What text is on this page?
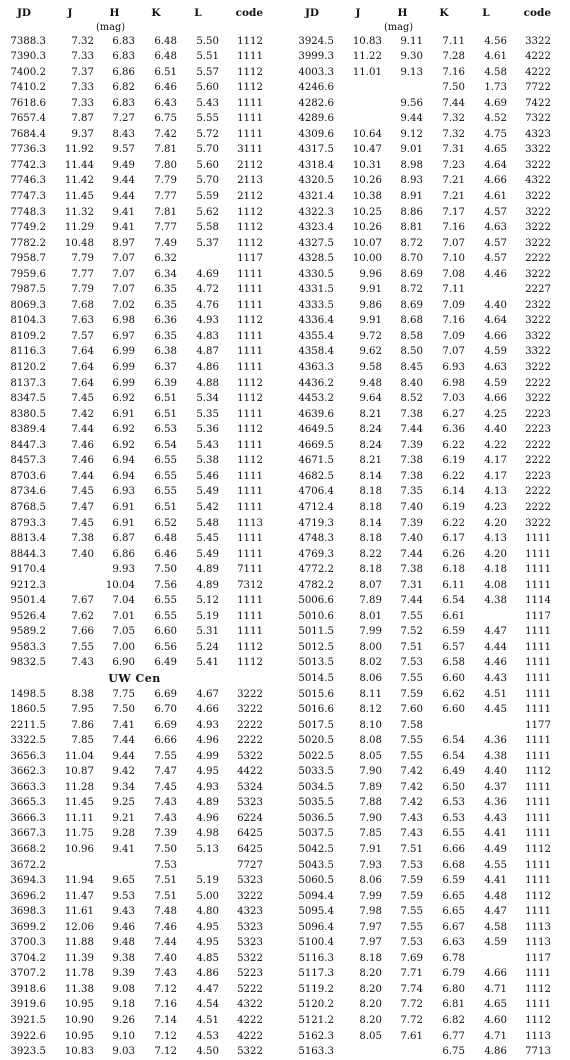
JD	J	H	K	L	code
		(mag)			
7388.3	7.32	6.83	6.48	5.50	1112
7390.3	7.33	6.83	6.48	5.51	1111
7400.2	7.37	6.86	6.51	5.57	1112
7410.2	7.33	6.82	6.46	5.60	1112
7618.6	7.33	6.83	6.43	5.43	1111
7657.4	7.87	7.27	6.75	5.55	1111
7684.4	9.37	8.43	7.42	5.72	1111
7736.3	11.92	9.57	7.81	5.70	3111
7742.3	11.44	9.49	7.80	5.60	2112
7746.3	11.42	9.44	7.79	5.70	2113
7747.3	11.45	9.44	7.77	5.59	2112
7748.3	11.32	9.41	7.81	5.62	1112
7749.2	11.29	9.41	7.77	5.58	1112
7782.2	10.48	8.97	7.49	5.37	1112
7958.7	7.79	7.07	6.32		1117
7959.6	7.77	7.07	6.34	4.69	1111
7987.5	7.79	7.07	6.35	4.72	1111
8069.3	7.68	7.02	6.35	4.76	1111
8104.3	7.63	6.98	6.36	4.93	1112
8109.2	7.57	6.97	6.35	4.83	1111
8116.3	7.64	6.99	6.38	4.87	1111
8120.2	7.64	6.99	6.37	4.86	1111
8137.3	7.64	6.99	6.39	4.88	1112
8347.5	7.45	6.92	6.51	5.34	1112
8380.5	7.42	6.91	6.51	5.35	1111
8389.4	7.44	6.92	6.53	5.36	1112
8447.3	7.46	6.92	6.54	5.43	1111
8457.3	7.46	6.94	6.55	5.38	1112
8703.6	7.44	6.94	6.55	5.46	1111
8734.6	7.45	6.93	6.55	5.49	1111
8768.5	7.47	6.91	6.51	5.42	1111
8793.3	7.45	6.91	6.52	5.48	1113
8813.4	7.38	6.87	6.48	5.45	1111
8844.3	7.40	6.86	6.46	5.49	1111
9170.4		9.93	7.50	4.89	7111
9212.3		10.04	7.56	4.89	7312
9501.4	7.67	7.04	6.55	5.12	1111
9526.4	7.62	7.01	6.55	5.19	1111
9589.2	7.66	7.05	6.60	5.31	1111
9583.3	7.55	7.00	6.56	5.24	1112
9832.5	7.43	6.90	6.49	5.41	1112
UW Cen					
1498.5	8.38	7.75	6.69	4.67	3222
1860.5	7.95	7.50	6.70	4.66	3222
2211.5	7.86	7.41	6.69	4.93	2222
3322.5	7.85	7.44	6.66	4.96	2222
3656.3	11.04	9.44	7.55	4.99	5322
3662.3	10.87	9.42	7.47	4.95	4422
3663.3	11.28	9.34	7.45	4.93	5324
3665.3	11.45	9.25	7.43	4.89	5323
3666.3	11.11	9.21	7.43	4.96	6224
3667.3	11.75	9.28	7.39	4.98	6425
3668.2	10.96	9.41	7.50	5.13	6425
3672.2			7.53		7727
3694.3	11.94	9.65	7.51	5.19	5323
3696.2	11.47	9.53	7.51	5.00	3222
3698.3	11.61	9.43	7.48	4.80	4323
3699.2	12.06	9.46	7.46	4.95	5323
3700.3	11.88	9.48	7.44	4.95	5323
3704.2	11.39	9.38	7.40	4.85	5322
3707.2	11.78	9.39	7.43	4.86	5223
3918.6	11.38	9.08	7.12	4.47	5222
3919.6	10.95	9.18	7.16	4.54	4322
3921.5	10.90	9.26	7.14	4.51	4222
3922.6	10.95	9.10	7.12	4.53	4222
3923.5	10.83	9.03	7.12	4.50	5322
JD	J	H	K	L	code
		(mag)			
3924.5	10.83	9.11	7.11	4.56	3322
3999.3	11.22	9.30	7.28	4.61	4222
4003.3	11.01	9.13	7.16	4.58	4222
4246.6			7.50	1.73	7722
4282.6		9.56	7.44	4.69	7422
4289.6		9.44	7.32	4.52	7322
4309.6	10.64	9.12	7.32	4.75	4323
4317.5	10.47	9.01	7.31	4.65	3322
4318.4	10.31	8.98	7.23	4.64	3222
4320.5	10.26	8.93	7.21	4.66	4322
4321.4	10.38	8.91	7.21	4.61	3222
4322.3	10.25	8.86	7.17	4.57	3222
4323.4	10.26	8.81	7.16	4.63	3222
4327.5	10.07	8.72	7.07	4.57	3222
4328.5	10.00	8.70	7.10	4.57	2222
4330.5	9.96	8.69	7.08	4.46	3222
4331.5	9.91	8.72	7.11		2227
4333.5	9.86	8.69	7.09	4.40	2322
4336.4	9.91	8.68	7.16	4.64	3222
4355.4	9.72	8.58	7.09	4.66	3322
4358.4	9.62	8.50	7.07	4.59	3322
4363.3	9.58	8.45	6.93	4.63	3222
4436.2	9.48	8.40	6.98	4.59	2222
4453.2	9.64	8.52	7.03	4.66	3222
4639.6	8.21	7.38	6.27	4.25	2223
4649.5	8.24	7.44	6.36	4.40	2223
4669.5	8.24	7.39	6.22	4.22	2222
4671.5	8.21	7.38	6.19	4.17	2222
4682.5	8.14	7.38	6.22	4.17	2223
4706.4	8.18	7.35	6.14	4.13	2222
4712.4	8.18	7.40	6.19	4.23	2222
4719.3	8.14	7.39	6.22	4.20	3222
4748.3	8.18	7.40	6.17	4.13	1111
4769.3	8.22	7.44	6.26	4.20	1111
4772.2	8.18	7.38	6.18	4.18	1111
4782.2	8.07	7.31	6.11	4.08	1111
5006.6	7.89	7.44	6.54	4.38	1114
5010.6	8.01	7.55	6.61		1117
5011.5	7.99	7.52	6.59	4.47	1111
5012.5	8.00	7.51	6.57	4.44	1111
5013.5	8.02	7.53	6.58	4.46	1111
5014.5	8.06	7.55	6.60	4.43	1111
5015.6	8.11	7.59	6.62	4.51	1111
5016.6	8.12	7.60	6.60	4.45	1111
5017.5	8.10	7.58			1177
5020.5	8.08	7.55	6.54	4.36	1111
5022.5	8.05	7.55	6.54	4.38	1111
5033.5	7.90	7.42	6.49	4.40	1112
5034.5	7.89	7.42	6.50	4.37	1111
5035.5	7.88	7.42	6.53	4.36	1111
5036.5	7.90	7.43	6.53	4.43	1111
5037.5	7.85	7.43	6.55	4.41	1111
5042.5	7.91	7.51	6.66	4.49	1112
5043.5	7.93	7.53	6.68	4.55	1111
5060.5	8.06	7.59	6.59	4.41	1111
5094.4	7.99	7.59	6.65	4.48	1112
5095.4	7.98	7.55	6.65	4.47	1111
5096.4	7.97	7.55	6.67	4.58	1113
5100.4	7.97	7.53	6.63	4.59	1113
5116.3	8.18	7.69	6.78		1117
5117.3	8.20	7.71	6.79	4.66	1111
5119.2	8.20	7.74	6.80	4.71	1112
5120.2	8.20	7.72	6.81	4.65	1111
5121.2	8.20	7.72	6.82	4.60	1112
5162.3	8.05	7.61	6.77	4.71	1113
5163.3			6.75	4.86	7713
